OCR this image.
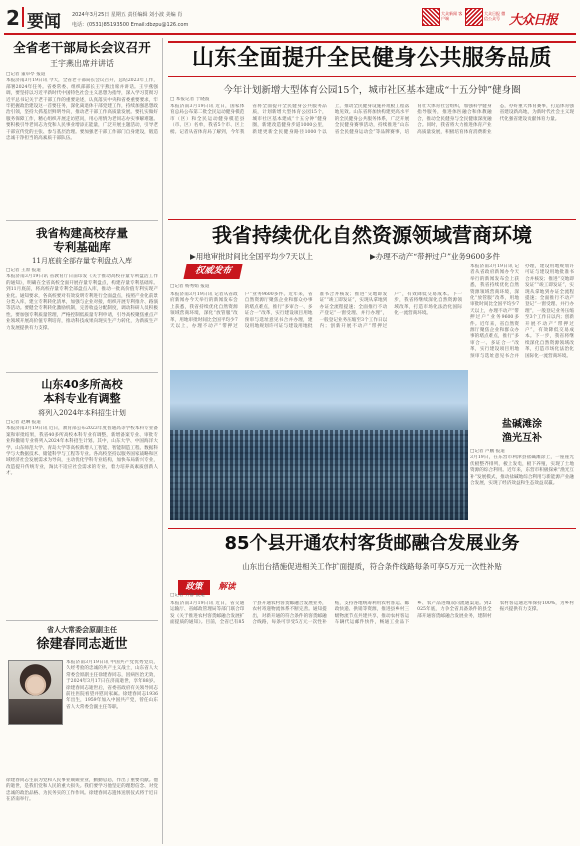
2 要闻 2024年3月25日 星期五 责任编辑 刘小波 美编 肖
电话：(0531)85193500 Email:dbzpu@126.com
大众新闻 客户端
大众日报 微信公众号 大众日报
全省老干部局长会议召开
王宇燕出席并讲话
□记者 董卓亭 报道
本报济南3月19日讯 今天，全省老干部局长会议召开，总结2023年工作，部署2024年任务。省委常委、组织部部长王宇燕出席并讲话。王宇燕强调，要坚持以习近平新时代中国特色社会主义思想为指导，深入学习贯彻习近平总书记关于老干部工作的重要论述，认真落实中央和省委重要要求，牢牢把握政治建设这一首要任务，深化离退休干部党建工作，持续加强思想政治引领，坚持大抓基层鲜明导向，推动老干部工作高质量发展。要扎实做好服务保障工作，精心组织开展走访慰问，用心用情为老同志办实事解难题。要积极引导老同志为党和人民事业增添正能量，广泛开展主题活动，引导老干部宣传党的主张、参与基层治理。要加强老干部工作部门自身建设，锻造忠诚干净担当的高素质干部队伍。
我省构建高校存量
专利基础库
11月底前全部存量专利盘点入库
□记者 王原 报道
本报济南3月19日讯 省教育厅日前印发《关于推动高校存量专利盘活工作的通知》，明确在全省高校全面开展存量专利盘点，构建存量专利基础库。到11月底前，将高校存量专利全部盘点入库，推动一批高价值专利实现产业化。通知要求，各高校要对有效发明专利进行全面盘点，按照产业化前景分类入库，建立专利转化清单，加强与企业对接，组织开展专利推介、路演等活动。要健全专利转化激励机制，完善收益分配制度，调动科研人员积极性。要加强专利质量管理，严格控制低质量专利申请，引导高校聚焦重点产业领域开展高价值专利培育，推动科技成果向现实生产力转化，为新质生产力发展提供有力支撑。
山东40多所高校
本科专业有调整
将列入2024年本科招生计划
□记者 赵琳 报道
本报济南3月19日讯 近日，教育部公布2023年度普通高等学校本科专业备案和审批结果，我省40多所高校本科专业有调整，新增备案专业、审批专业和撤销专业将列入2024年本科招生计划。其中，山东大学、中国海洋大学、山东师范大学、青岛大学等高校新增人工智能、智能制造工程、数据科学与大数据技术、储能科学与工程等专业。各高校坚持以服务国家战略和区域经济社会发展需求为导向，主动优化学科专业结构，加快布局新兴专业，改造提升传统专业，淘汰不适应社会需求的专业，着力培养高素质创新人才。
省人大常委会原副主任
徐建春同志逝世
本报济南3月19日讯 中国共产党优秀党员，久经考验的忠诚的共产主义战士，山东省人大常委会原副主任徐建春同志，因病医治无效，于2024年3月17日在济南逝世，享年88岁。徐建春同志逝世后，省委省政府有关领导同志前往医院看望并慰问家属。徐建春同志1936年出生，1959年加入中国共产党，曾任山东省人大常委会副主任等职。
徐建春同志生前为党和人民事业兢兢业业，勤勤恳恳，作出了重要贡献。他的逝世，是我们党和人民的重大损失。我们要学习他坚定的理想信念、对党忠诚的政治品格、为民务实的工作作风。徐建春同志遗体送别仪式将于近日在济南举行。
山东全面提升全民健身公共服务品质
今年计划新增大型体育公园15个，城市社区基本建成“十五分钟”健身圈
□ 本报记者 于晓波
本报济南3月19日讯 近日，国家体育总局公布第二批全民运动健身模范市（区）和全民运动健身模范县（市、区）名单，我省5个市、区上榜。记者从省体育局了解到，今年我省将全面提升全民健身公共服务品质，计划新增大型体育公园15个，城市社区基本建成“十五分钟”健身圈，新建改造健身步道1000公里，新建更新全民健身路径1000个以上，推动全民健身设施补短板工程落地见效。山东省将加快构建更高水平的全民健身公共服务体系，广泛开展全民健身赛事活动，持续推进“山东省全民健身运动会”等品牌赛事，培育壮大体育社会组织，加强科学健身指导服务，推进体医融合和体教融合，推动全民健身与全民健康深度融合。同时，我省将大力推进体育产业高质量发展，积极培育体育消费新业态，办好重大体育赛事，打造体育强省建设新高地，为新时代社会主义现代化强省建设贡献体育力量。
我省持续优化自然资源领域营商环境
▶用地审批时间比全国平均少7天以上	▶办理不动产“带押过户”业务9600多件
权威发布
□记者 杨秀娟 报道
本报济南3月19日讯 记者从省政府新闻办今天举行的新闻发布会上获悉，我省持续优化自然资源领域营商环境，深化“放管服”改革，用地审批时间比全国平均少7天以上，办理不动产“带押过户”业务9600多件。近年来，省自然资源厅聚焦企业和群众办事的堵点难点，推行“多审合一、多证合一”改革，实行建设项目用地预审与选址意见书合并办理，建设用地规划许可证与建设用地批准书合并核发；推进“交地即发证”“竣工即发证”，实现从拿地到办证全流程提速；全面推行不动产登记“一窗受理、并行办理”，一般登记业务压缩至3个工作日以内；创新开展不动产“带押过户”，有效降低交易成本。下一步，我省将继续深化自然资源领域改革，打造市场化法治化国际化一流营商环境。
本报济南3月19日讯 记者从省政府新闻办今天举行的新闻发布会上获悉，我省持续优化自然资源领域营商环境，深化“放管服”改革，用地审批时间比全国平均少7天以上，办理不动产“带押过户”业务9600多件。近年来，省自然资源厅聚焦企业和群众办事的堵点难点，推行“多审合一、多证合一”改革，实行建设项目用地预审与选址意见书合并办理，建设用地规划许可证与建设用地批准书合并核发；推进“交地即发证”“竣工即发证”，实现从拿地到办证全流程提速；全面推行不动产登记“一窗受理、并行办理”，一般登记业务压缩至3个工作日以内；创新开展不动产“带押过户”，有效降低交易成本。下一步，我省将继续深化自然资源领域改革，打造市场化法治化国际化一流营商环境。
盐碱滩涂
渔光互补
□记者 卢鹏 报道
3月19日，在东营市利津县盐碱滩涂上，一座座光伏板整齐排列，板上发电，板下养殖，实现了土地资源的综合利用。近年来，东营市积极探索“渔光互补”发展模式，推动盐碱地综合利用与新能源产业融合发展，实现了经济效益和生态效益双赢。
85个县开通农村客货邮融合发展业务
山东出台措施促进相关工作扩面提质，符合条件线路每条可享5万元一次性补贴
政策 解读
□记者 齐静 报道
本报济南3月19日讯 近日，省交通运输厅、省邮政管理局等部门联合印发《关于推进农村客货邮融合发展扩面提质的通知》。目前，全省已有85个县开通农村客货邮融合发展业务，农村寄递物流体系不断完善。通知提出，对新开通的符合条件的客货邮融合线路，每条可享受5万元一次性补贴，支持各地统筹利用农村客运、邮政快递、供销等资源，推进县乡村三级物流节点共建共享，推动农村客运车辆代运邮件快件，畅通工业品下乡、农产品进城双向流通渠道。到2025年底，力争全省具备条件的县全部开通客货邮融合发展业务，建制村农村客运通达率保持100%，为乡村振兴提供有力支撑。
